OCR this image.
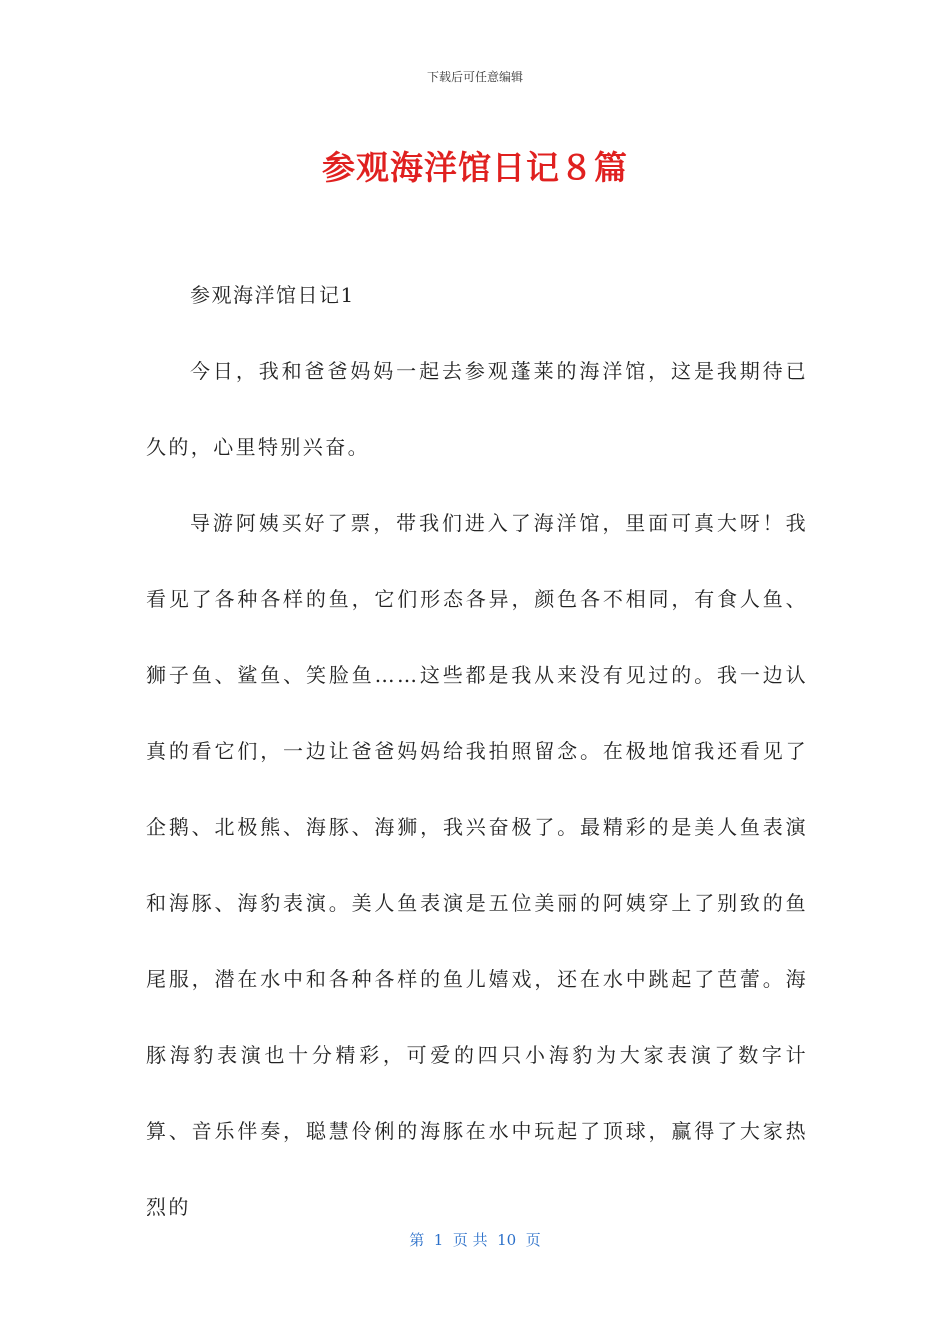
下载后可任意编辑
参观海洋馆日记８篇

参观海洋馆日记1

今日，我和爸爸妈妈一起去参观蓬莱的海洋馆，这是我期待已久的，心里特别兴奋。

导游阿姨买好了票，带我们进入了海洋馆，里面可真大呀！我看见了各种各样的鱼，它们形态各异，颜色各不相同，有食人鱼、狮子鱼、鲨鱼、笑脸鱼……这些都是我从来没有见过的。我一边认真的看它们，一边让爸爸妈妈给我拍照留念。在极地馆我还看见了企鹅、北极熊、海豚、海狮，我兴奋极了。最精彩的是美人鱼表演和海豚、海豹表演。美人鱼表演是五位美丽的阿姨穿上了别致的鱼尾服，潜在水中和各种各样的鱼儿嬉戏，还在水中跳起了芭蕾。海豚海豹表演也十分精彩，可爱的四只小海豹为大家表演了数字计算、音乐伴奏，聪慧伶俐的海豚在水中玩起了顶球，赢得了大家热烈的

第  1  页 共  10  页
